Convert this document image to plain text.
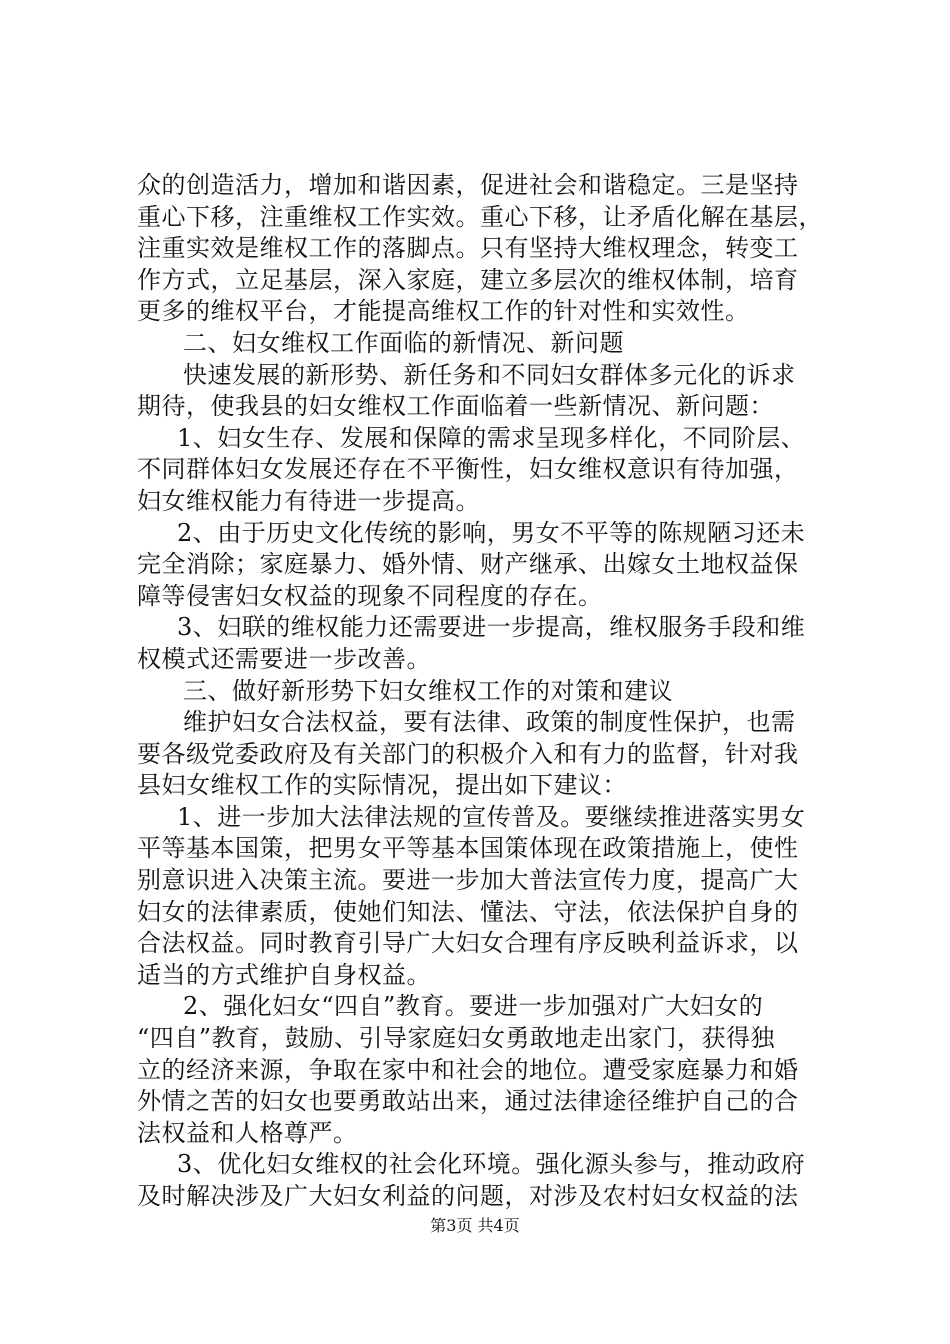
众的创造活力，增加和谐因素，促进社会和谐稳定。三是坚持
重心下移，注重维权工作实效。重心下移，让矛盾化解在基层，
注重实效是维权工作的落脚点。只有坚持大维权理念，转变工
作方式，立足基层，深入家庭，建立多层次的维权体制，培育
更多的维权平台，才能提高维权工作的针对性和实效性。
二、妇女维权工作面临的新情况、新问题
快速发展的新形势、新任务和不同妇女群体多元化的诉求
期待，使我县的妇女维权工作面临着一些新情况、新问题：
1、妇女生存、发展和保障的需求呈现多样化，不同阶层、
不同群体妇女发展还存在不平衡性，妇女维权意识有待加强，
妇女维权能力有待进一步提高。
2、由于历史文化传统的影响，男女不平等的陈规陋习还未
完全消除；家庭暴力、婚外情、财产继承、出嫁女土地权益保
障等侵害妇女权益的现象不同程度的存在。
3、妇联的维权能力还需要进一步提高，维权服务手段和维
权模式还需要进一步改善。
三、做好新形势下妇女维权工作的对策和建议
维护妇女合法权益，要有法律、政策的制度性保护，也需
要各级党委政府及有关部门的积极介入和有力的监督，针对我
县妇女维权工作的实际情况，提出如下建议：
1、进一步加大法律法规的宣传普及。要继续推进落实男女
平等基本国策，把男女平等基本国策体现在政策措施上，使性
别意识进入决策主流。要进一步加大普法宣传力度，提高广大
妇女的法律素质，使她们知法、懂法、守法，依法保护自身的
合法权益。同时教育引导广大妇女合理有序反映利益诉求，以
适当的方式维护自身权益。
2、强化妇女“四自”教育。要进一步加强对广大妇女的
“四自”教育，鼓励、引导家庭妇女勇敢地走出家门，获得独
立的经济来源，争取在家中和社会的地位。遭受家庭暴力和婚
外情之苦的妇女也要勇敢站出来，通过法律途径维护自己的合
法权益和人格尊严。
3、优化妇女维权的社会化环境。强化源头参与，推动政府
及时解决涉及广大妇女利益的问题，对涉及农村妇女权益的法
第3页 共4页
